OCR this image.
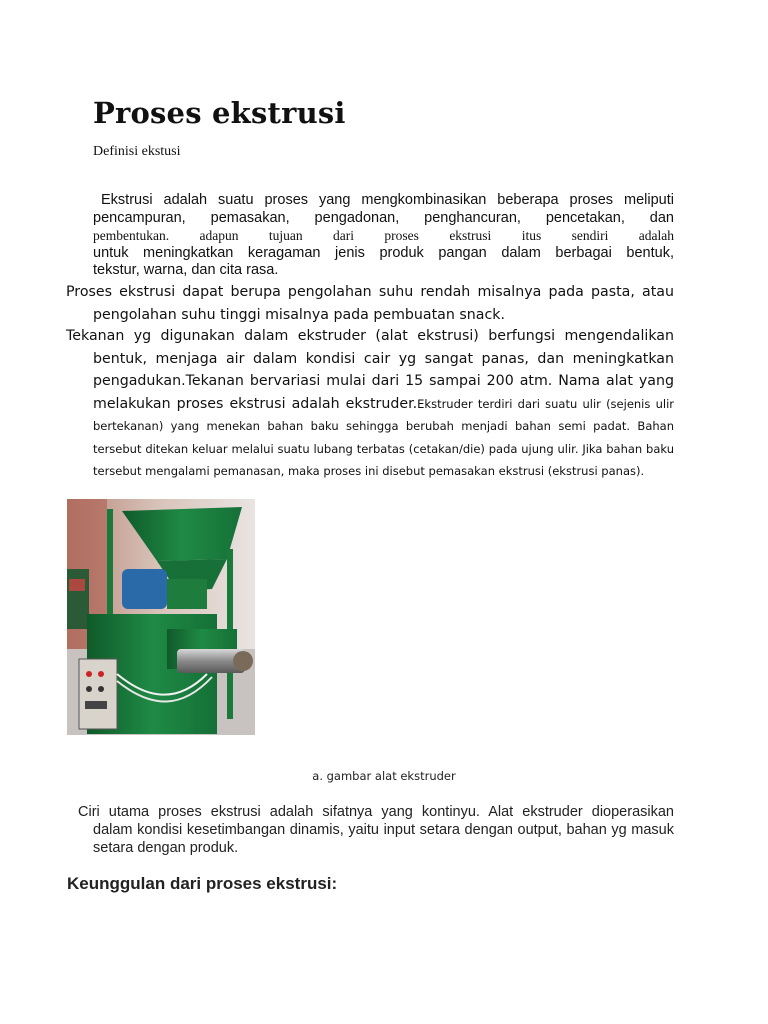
Proses ekstrusi
Definisi ekstusi
Ekstrusi adalah suatu proses yang mengkombinasikan beberapa proses meliputi
pencampuran, pemasakan, pengadonan, penghancuran, pencetakan, dan
pembentukan. adapun tujuan dari proses ekstrusi itus sendiri adalah
untuk meningkatkan keragaman jenis produk pangan dalam berbagai bentuk,
tekstur, warna, dan cita rasa.
Proses ekstrusi dapat berupa pengolahan suhu rendah misalnya pada pasta, atau pengolahan suhu tinggi misalnya pada pembuatan snack.
Tekanan yg digunakan dalam ekstruder (alat ekstrusi) berfungsi mengendalikan bentuk, menjaga air dalam kondisi cair yg sangat panas, dan meningkatkan pengadukan.Tekanan bervariasi mulai dari 15 sampai 200 atm. Nama alat yang melakukan proses ekstrusi adalah ekstruder.Ekstruder terdiri dari suatu ulir (sejenis ulir bertekanan) yang menekan bahan baku sehingga berubah menjadi bahan semi padat. Bahan tersebut ditekan keluar melalui suatu lubang terbatas (cetakan/die) pada ujung ulir. Jika bahan baku tersebut mengalami pemanasan, maka proses ini disebut pemasakan ekstrusi (ekstrusi panas).
a. gambar alat ekstruder
Ciri utama proses ekstrusi adalah sifatnya yang kontinyu. Alat ekstruder dioperasikan
dalam kondisi kesetimbangan dinamis, yaitu input setara dengan output, bahan yg masuk setara dengan produk.
Keunggulan dari proses ekstrusi:
